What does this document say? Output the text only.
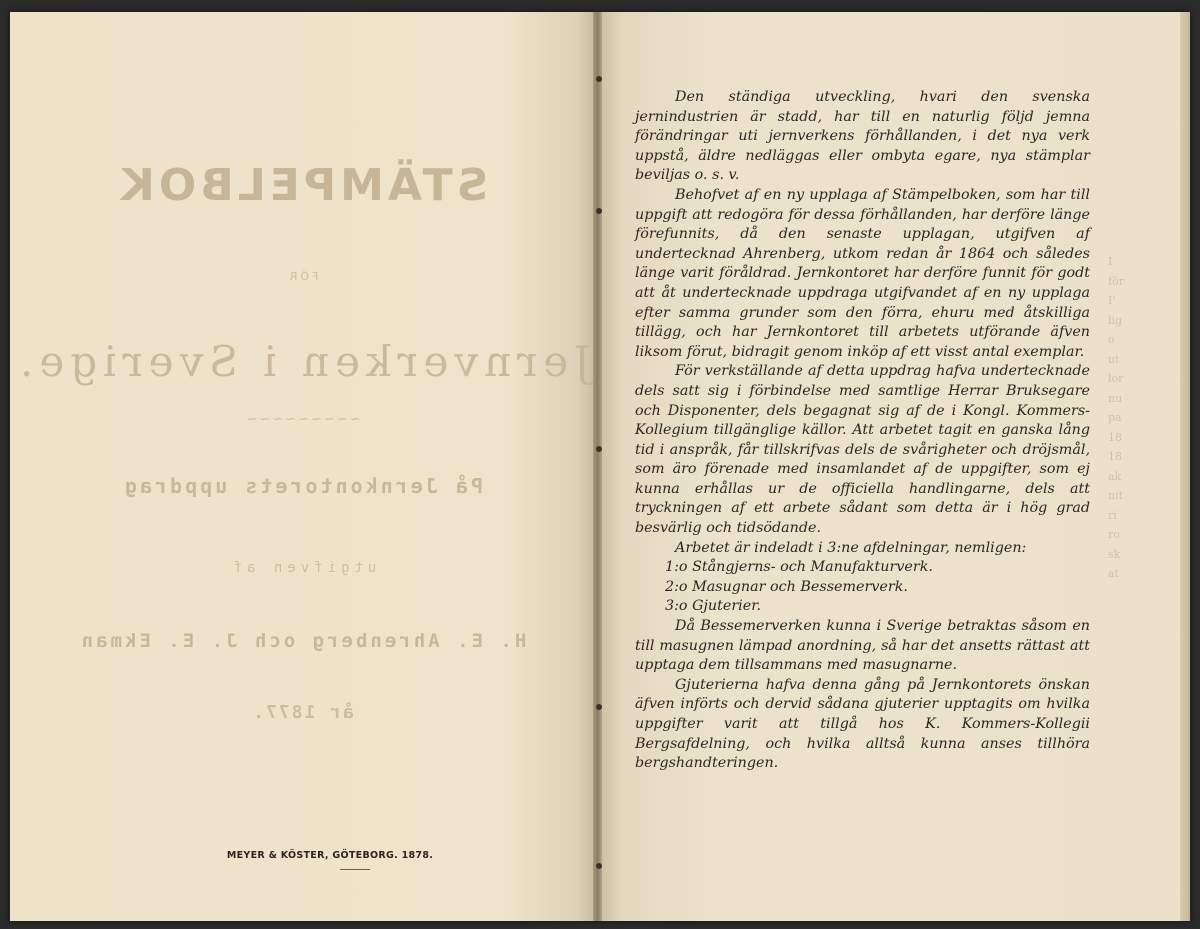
STÄMPELBOK
FÖR
Jernverken i Sverige.
~~~~~~~~~
På Jernkontorets uppdrag
utgifven af
H. E. Ahrenberg och J. E. Ekman
år 1877.
MEYER & KÖSTER, GÖTEBORG. 1878.

Den ständiga utveckling, hvari den svenska jernindustrien är stadd, har till en naturlig följd jemna förändringar uti jernverkens förhållanden, i det nya verk uppstå, äldre nedläggas eller ombyta egare, nya stämplar beviljas o. s. v.

Behofvet af en ny upplaga af Stämpelboken, som har till uppgift att redogöra för dessa förhållanden, har derföre länge förefunnits, då den senaste upplagan, utgifven af undertecknad Ahrenberg, utkom redan år 1864 och således länge varit föråldrad. Jernkontoret har derföre funnit för godt att åt undertecknade uppdraga utgifvandet af en ny upplaga efter samma grunder som den förra, ehuru med åtskilliga tillägg, och har Jernkontoret till arbetets utförande äfven liksom förut, bidragit genom inköp af ett visst antal exemplar.

För verkställande af detta uppdrag hafva undertecknade dels satt sig i förbindelse med samtlige Herrar Bruksegare och Disponenter, dels begagnat sig af de i Kongl. Kommers-Kollegium tillgänglige källor. Att arbetet tagit en ganska lång tid i anspråk, får tillskrifvas dels de svårigheter och dröjsmål, som äro förenade med insamlandet af de uppgifter, som ej kunna erhållas ur de officiella handlingarne, dels att tryckningen af ett arbete sådant som detta är i hög grad besvärlig och tidsödande.

Arbetet är indeladt i 3:ne afdelningar, nemligen:

1:o Stångjerns- och Manufakturverk.

2:o Masugnar och Bessemerverk.

3:o Gjuterier.

Då Bessemerverken kunna i Sverige betraktas såsom en till masugnen lämpad anordning, så har det ansetts rättast att upptaga dem tillsammans med masugnarne.

Gjuterierna hafva denna gång på Jernkontorets önskan äfven införts och dervid sådana gjuterier upptagits om hvilka uppgifter varit att tillgå hos K. Kommers-Kollegii Bergsafdelning, och hvilka alltså kunna anses tillhöra bergshandteringen.

I
för
I'
lig
o
ut
lor
nu
pa
18
18
ak
nit
ri
ro
sk
at
